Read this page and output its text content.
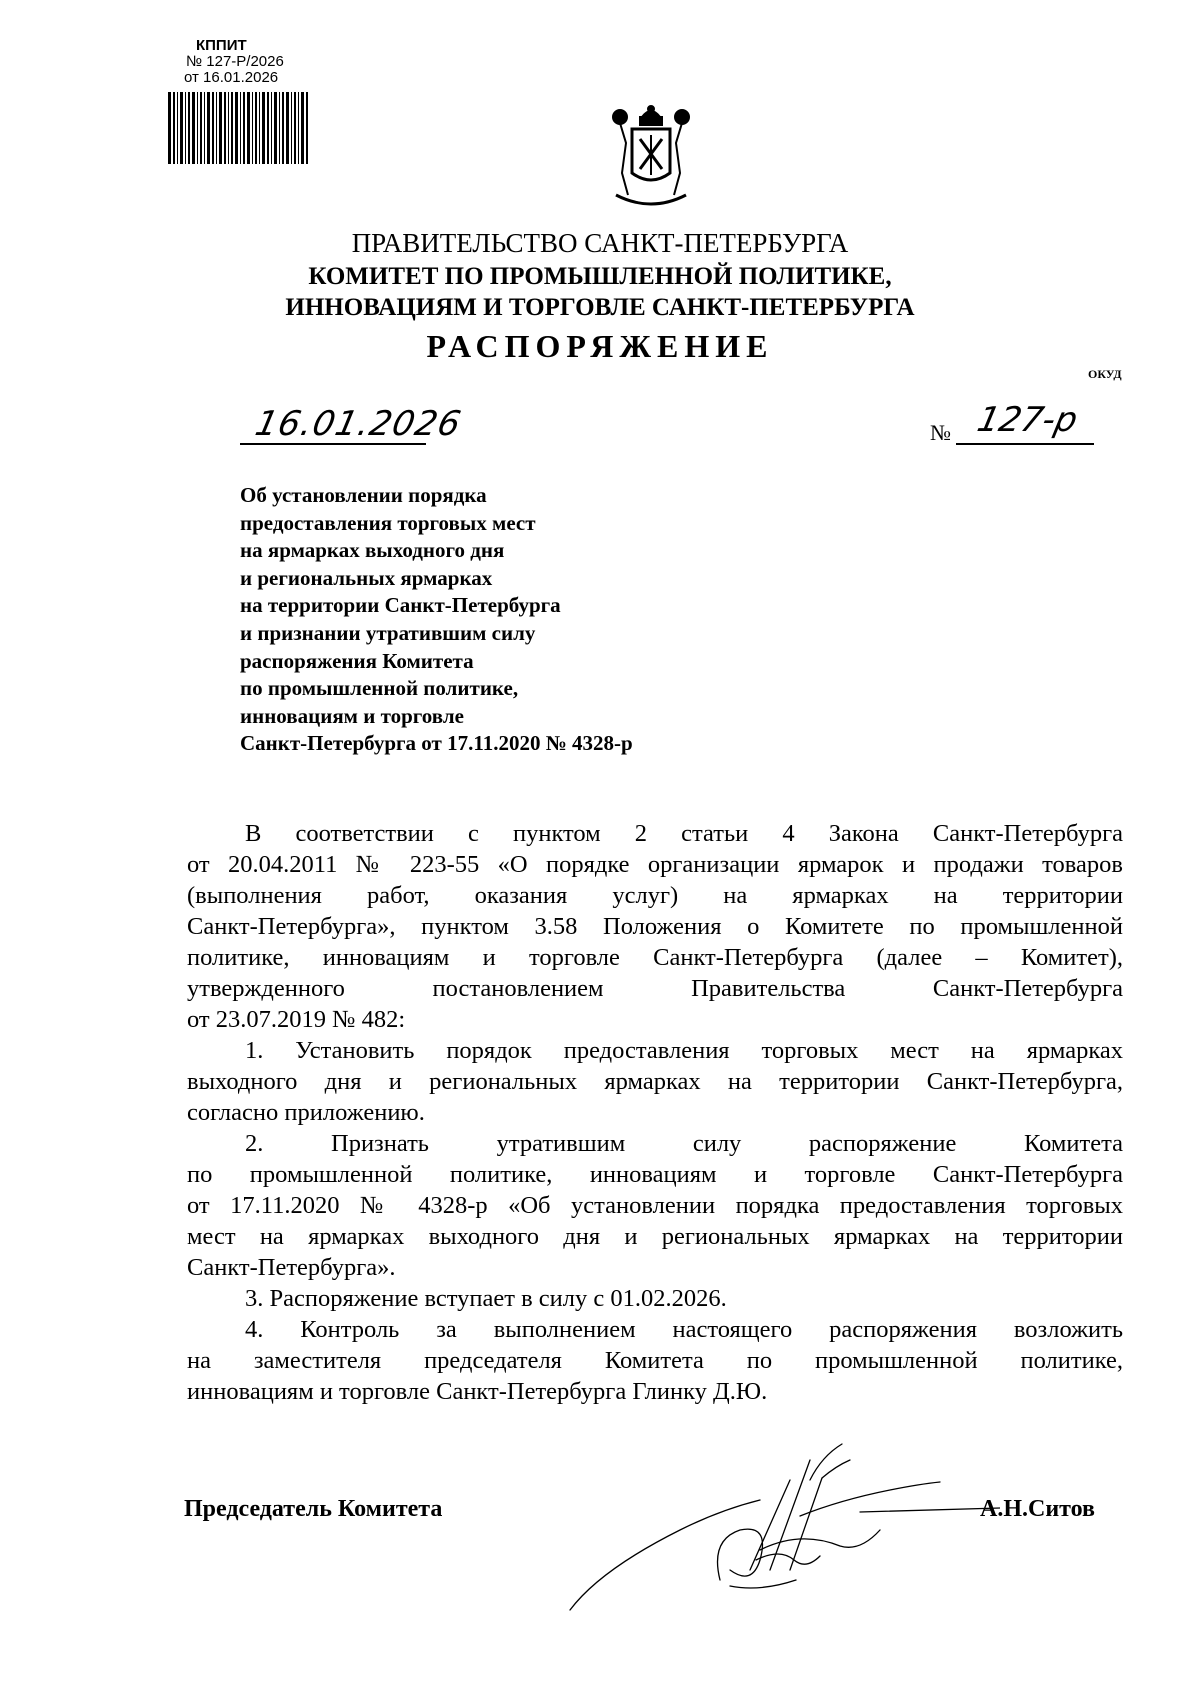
КППИТ
№ 127-Р/2026
от 16.01.2026
ПРАВИТЕЛЬСТВО САНКТ-ПЕТЕРБУРГА
КОМИТЕТ ПО ПРОМЫШЛЕННОЙ ПОЛИТИКЕ,
ИННОВАЦИЯМ И ТОРГОВЛЕ САНКТ-ПЕТЕРБУРГА
РАСПОРЯЖЕНИЕ
ОКУД
16.01.2026	№ 127-р
Об установлении порядка
предоставления торговых мест
на ярмарках выходного дня
и региональных ярмарках
на территории Санкт-Петербурга
и признании утратившим силу
распоряжения Комитета
по промышленной политике,
инновациям и торговле
Санкт-Петербурга от 17.11.2020 № 4328-р
В соответствии с пунктом 2 статьи 4 Закона Санкт-Петербурга
от 20.04.2011 № 223-55 «О порядке организации ярмарок и продажи товаров
(выполнения работ, оказания услуг) на ярмарках на территории
Санкт-Петербурга», пунктом 3.58 Положения о Комитете по промышленной
политике, инновациям и торговле Санкт-Петербурга (далее – Комитет),
утвержденного постановлением Правительства Санкт-Петербурга
от 23.07.2019 № 482:
1. Установить порядок предоставления торговых мест на ярмарках
выходного дня и региональных ярмарках на территории Санкт-Петербурга,
согласно приложению.
2. Признать утратившим силу распоряжение Комитета
по промышленной политике, инновациям и торговле Санкт-Петербурга
от 17.11.2020 № 4328-р «Об установлении порядка предоставления торговых
мест на ярмарках выходного дня и региональных ярмарках на территории
Санкт-Петербурга».
3. Распоряжение вступает в силу с 01.02.2026.
4. Контроль за выполнением настоящего распоряжения возложить
на заместителя председателя Комитета по промышленной политике,
инновациям и торговле Санкт-Петербурга Глинку Д.Ю.
Председатель Комитета	А.Н.Ситов
